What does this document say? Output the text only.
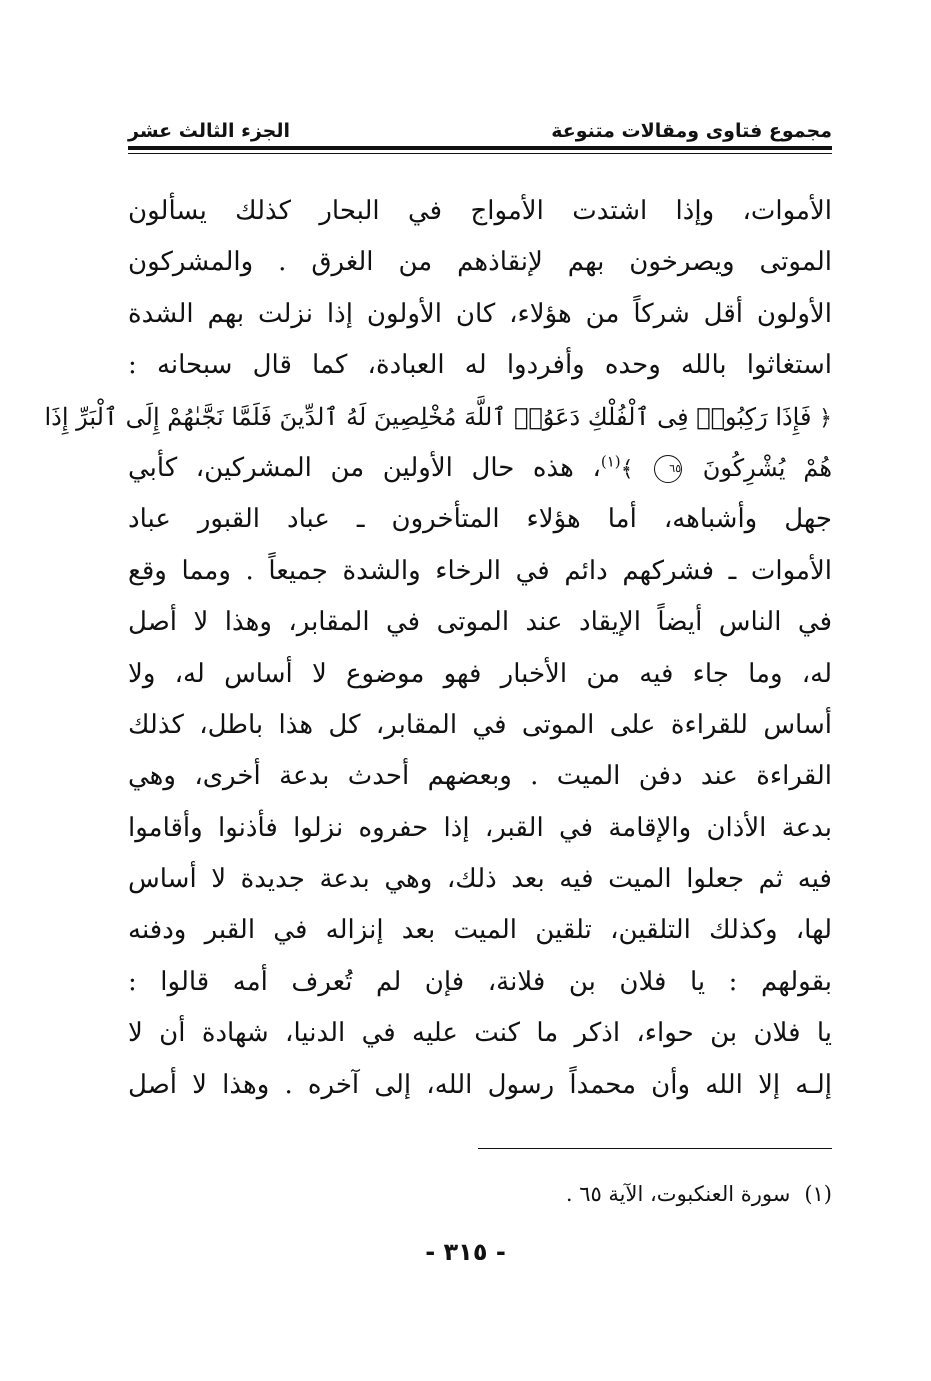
مجموع فتاوى ومقالات متنوعة
الجزء الثالث عشر
الأموات، وإذا اشتدت الأمواج في البحار كذلك يسألون
الموتى ويصرخون بهم لإنقاذهم من الغرق . والمشركون
الأولون أقل شركاً من هؤلاء، كان الأولون إذا نزلت بهم الشدة
استغاثوا بالله وحده وأفردوا له العبادة، كما قال سبحانه :
﴿ فَإِذَا رَكِبُوا۟ فِى ٱلْفُلْكِ دَعَوُا۟ ٱللَّهَ مُخْلِصِينَ لَهُ ٱلدِّينَ فَلَمَّا نَجَّىٰهُمْ إِلَى ٱلْبَرِّ إِذَا
هُمْ يُشْرِكُونَ ٦٥ ﴾$^{(١)}$، هذه حال الأولين من المشركين، كأبي
جهل وأشباهه، أما هؤلاء المتأخرون ـ عباد القبور عباد
الأموات ـ فشركهم دائم في الرخاء والشدة جميعاً . ومما وقع
في الناس أيضاً الإيقاد عند الموتى في المقابر، وهذا لا أصل
له، وما جاء فيه من الأخبار فهو موضوع لا أساس له، ولا
أساس للقراءة على الموتى في المقابر، كل هذا باطل، كذلك
القراءة عند دفن الميت . وبعضهم أحدث بدعة أخرى، وهي
بدعة الأذان والإقامة في القبر، إذا حفروه نزلوا فأذنوا وأقاموا
فيه ثم جعلوا الميت فيه بعد ذلك، وهي بدعة جديدة لا أساس
لها، وكذلك التلقين، تلقين الميت بعد إنزاله في القبر ودفنه
بقولهم : يا فلان بن فلانة، فإن لم تُعرف أمه قالوا :
يا فلان بن حواء، اذكر ما كنت عليه في الدنيا، شهادة أن لا
إلـه إلا الله وأن محمداً رسول الله، إلى آخره . وهذا لا أصل
(١)سورة العنكبوت، الآية ٦٥ .
- ٣١٥ -
